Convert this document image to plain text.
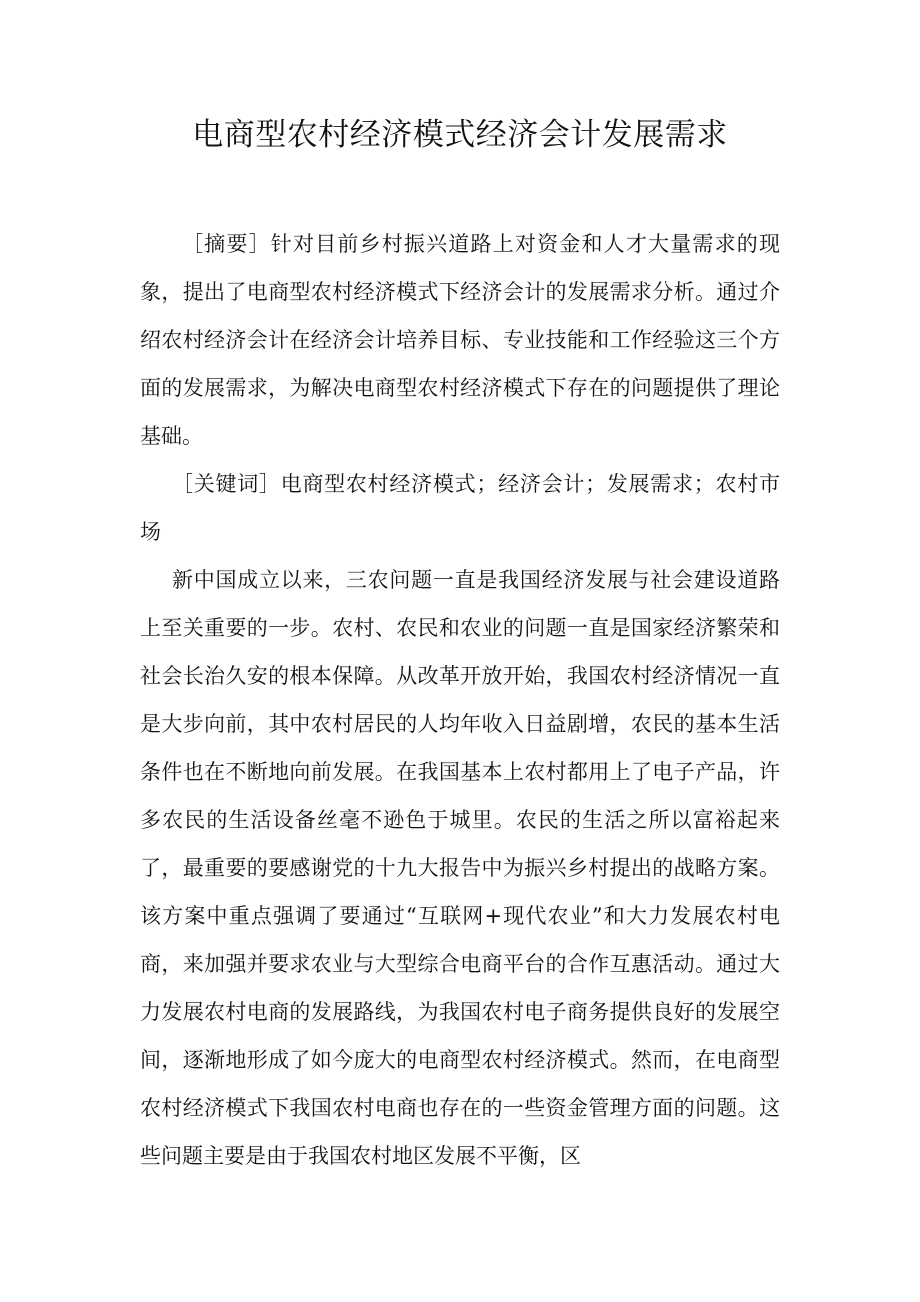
电商型农村经济模式经济会计发展需求

［摘要］针对目前乡村振兴道路上对资金和人才大量需求的现象，提出了电商型农村经济模式下经济会计的发展需求分析。通过介绍农村经济会计在经济会计培养目标、专业技能和工作经验这三个方面的发展需求，为解决电商型农村经济模式下存在的问题提供了理论基础。

［关键词］电商型农村经济模式；经济会计；发展需求；农村市场

新中国成立以来，三农问题一直是我国经济发展与社会建设道路上至关重要的一步。农村、农民和农业的问题一直是国家经济繁荣和社会长治久安的根本保障。从改革开放开始，我国农村经济情况一直是大步向前，其中农村居民的人均年收入日益剧增，农民的基本生活条件也在不断地向前发展。在我国基本上农村都用上了电子产品，许多农民的生活设备丝毫不逊色于城里。农民的生活之所以富裕起来了，最重要的要感谢党的十九大报告中为振兴乡村提出的战略方案。该方案中重点强调了要通过“互联网+现代农业”和大力发展农村电商，来加强并要求农业与大型综合电商平台的合作互惠活动。通过大力发展农村电商的发展路线，为我国农村电子商务提供良好的发展空间，逐渐地形成了如今庞大的电商型农村经济模式。然而，在电商型农村经济模式下我国农村电商也存在的一些资金管理方面的问题。这些问题主要是由于我国农村地区发展不平衡，区
